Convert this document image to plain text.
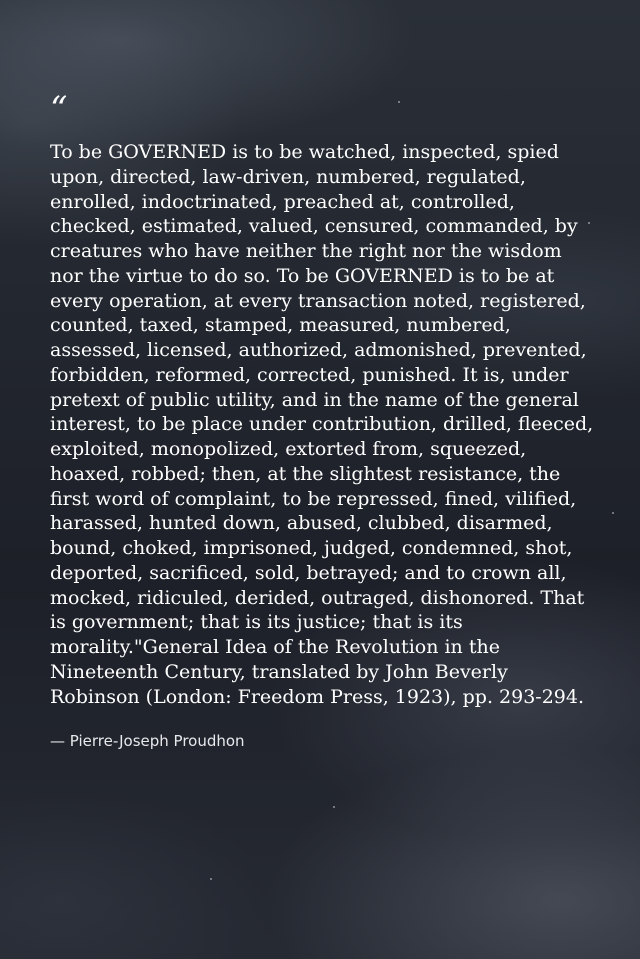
“

To be GOVERNED is to be watched, inspected, spied upon, directed, law-driven, numbered, regulated, enrolled, indoctrinated, preached at, controlled, checked, estimated, valued, censured, commanded, by creatures who have neither the right nor the wisdom nor the virtue to do so. To be GOVERNED is to be at every operation, at every transaction noted, registered, counted, taxed, stamped, measured, numbered, assessed, licensed, authorized, admonished, prevented, forbidden, reformed, corrected, punished. It is, under pretext of public utility, and in the name of the general interest, to be place under contribution, drilled, fleeced, exploited, monopolized, extorted from, squeezed, hoaxed, robbed; then, at the slightest resistance, the first word of complaint, to be repressed, fined, vilified, harassed, hunted down, abused, clubbed, disarmed, bound, choked, imprisoned, judged, condemned, shot, deported, sacrificed, sold, betrayed; and to crown all, mocked, ridiculed, derided, outraged, dishonored. That is government; that is its justice; that is its morality."General Idea of the Revolution in the Nineteenth Century, translated by John Beverly Robinson (London: Freedom Press, 1923), pp. 293-294.

— Pierre-Joseph Proudhon
